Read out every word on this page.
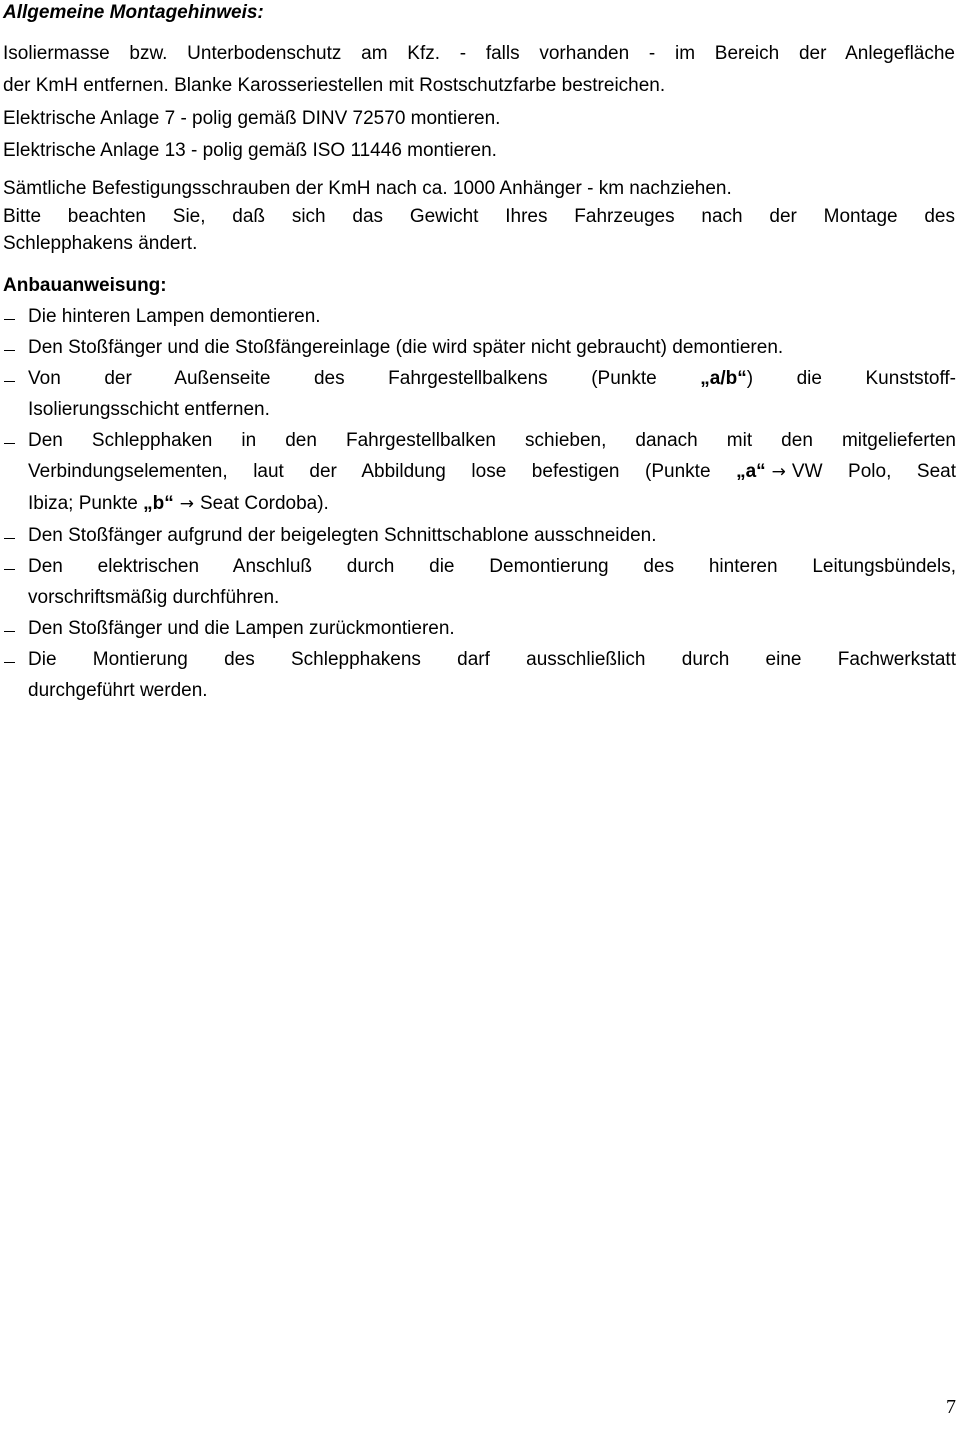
Allgemeine Montagehinweis:
Isoliermasse bzw. Unterbodenschutz am Kfz. - falls vorhanden - im Bereich der Anlegefläche
der KmH entfernen. Blanke Karosseriestellen mit Rostschutzfarbe bestreichen.
Elektrische Anlage 7 - polig gemäß DINV 72570 montieren.
Elektrische Anlage 13 - polig gemäß ISO 11446 montieren.
Sämtliche Befestigungsschrauben der KmH nach ca. 1000 Anhänger - km nachziehen.
Bitte beachten Sie, daß sich das Gewicht Ihres Fahrzeuges nach der Montage des
Schlepphakens ändert.
Anbauanweisung:
Die hinteren Lampen demontieren.
Den Stoßfänger und die Stoßfängereinlage (die wird später nicht gebraucht) demontieren.
Von der Außenseite des Fahrgestellbalkens (Punkte „a/b“) die Kunststoff-
Isolierungsschicht entfernen.
Den Schlepphaken in den Fahrgestellbalken schieben, danach mit den mitgelieferten
Verbindungselementen, laut der Abbildung lose befestigen (Punkte „a“ → VW Polo, Seat
Ibiza; Punkte „b“ → Seat Cordoba).
Den Stoßfänger aufgrund der beigelegten Schnittschablone ausschneiden.
Den elektrischen Anschluß durch die Demontierung des hinteren Leitungsbündels,
vorschriftsmäßig durchführen.
Den Stoßfänger und die Lampen zurückmontieren.
Die Montierung des Schlepphakens darf ausschließlich durch eine Fachwerkstatt
durchgeführt werden.
7
